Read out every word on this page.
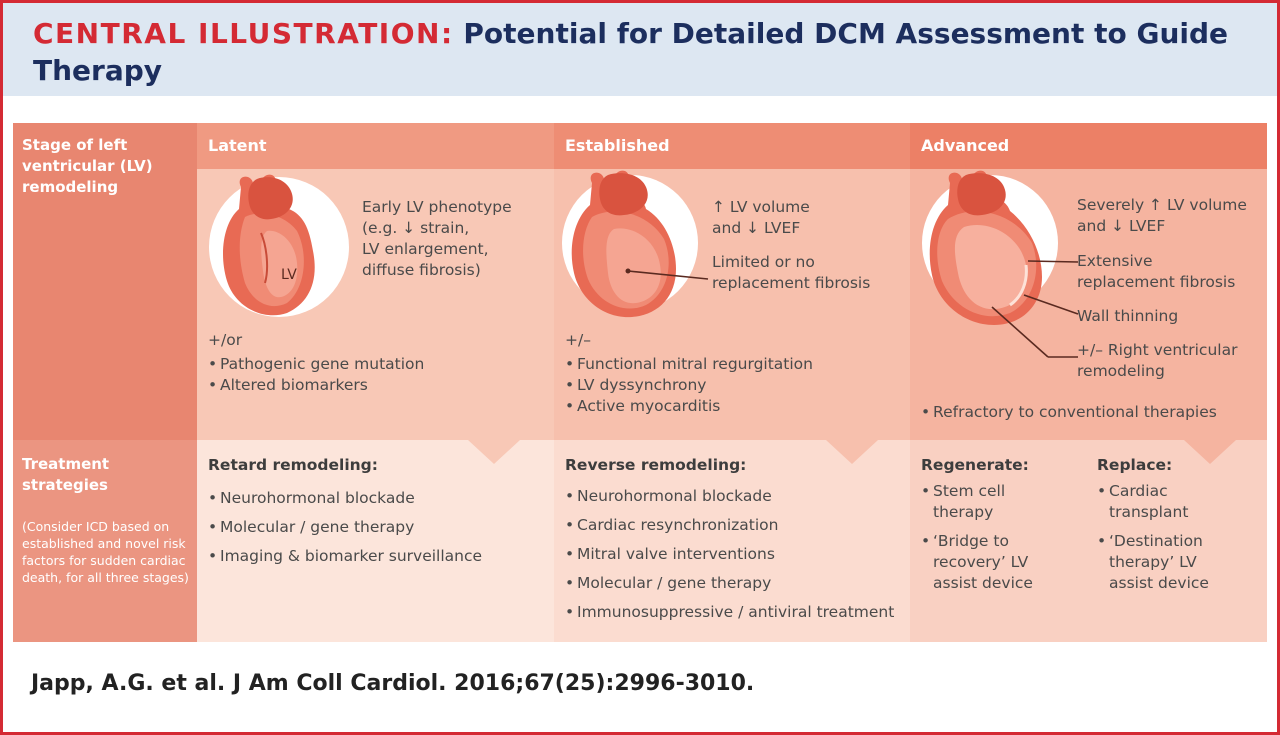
CENTRAL ILLUSTRATION: Potential for Detailed DCM Assessment to Guide Therapy
Stage of left ventricular (LV) remodeling
Treatment strategies
(Consider ICD based on established and novel risk factors for sudden cardiac death, for all three stages)
Latent
LV
Early LV phenotype
(e.g. ↓ strain,
LV enlargement,
diffuse fibrosis)
+/or
• Pathogenic gene mutation
• Altered biomarkers
Retard remodeling:
• Neurohormonal blockade
• Molecular / gene therapy
• Imaging & biomarker surveillance
Established
↑ LV volume
and ↓ LVEF
Limited or no
replacement fibrosis
+/–
• Functional mitral regurgitation
• LV dyssynchrony
• Active myocarditis
Reverse remodeling:
• Neurohormonal blockade
• Cardiac resynchronization
• Mitral valve interventions
• Molecular / gene therapy
• Immunosuppressive / antiviral treatment
Advanced
Severely ↑ LV volume
and ↓ LVEF
Extensive
replacement fibrosis
Wall thinning
+/– Right ventricular
remodeling
• Refractory to conventional therapies
Regenerate:
• Stem cell
therapy
• ‘Bridge to
recovery’ LV
assist device
Replace:
• Cardiac
transplant
• ‘Destination
therapy’ LV
assist device
Japp, A.G. et al. J Am Coll Cardiol. 2016;67(25):2996-3010.
